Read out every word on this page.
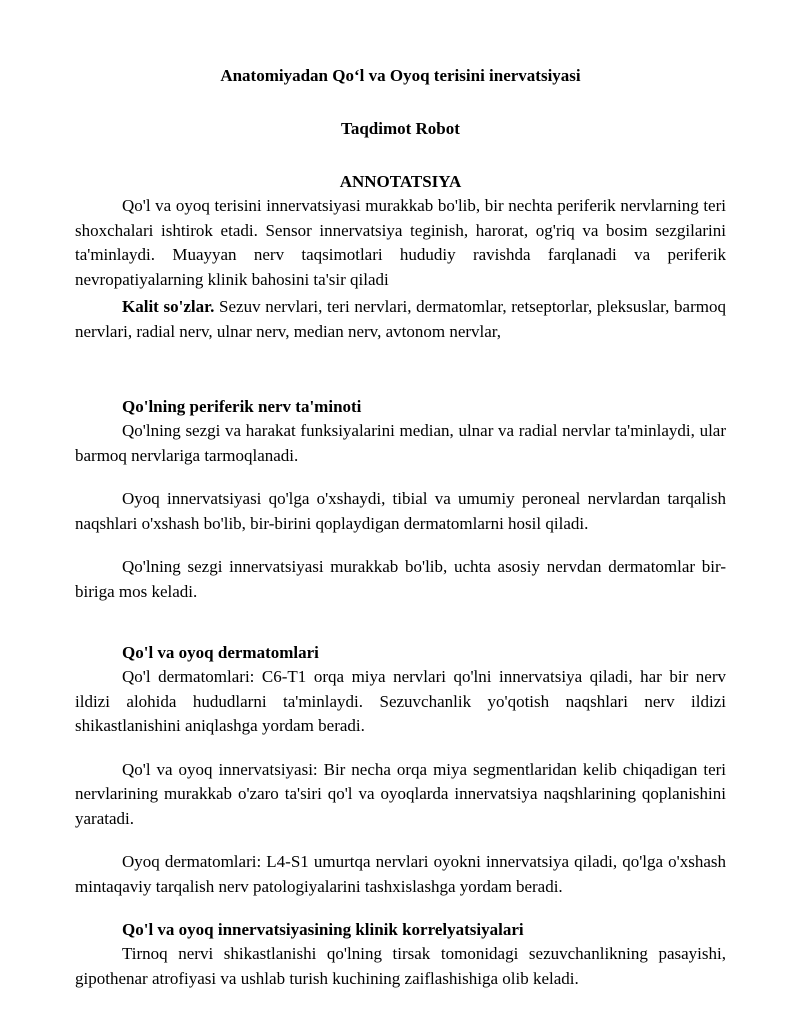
Anatomiyadan Qo‘l va Oyoq terisini inervatsiyasi
Taqdimot Robot
ANNOTATSIYA

Qo'l va oyoq terisini innervatsiyasi murakkab bo'lib, bir nechta periferik nervlarning teri shoxchalari ishtirok etadi. Sensor innervatsiya teginish, harorat, og'riq va bosim sezgilarini ta'minlaydi. Muayyan nerv taqsimotlari hududiy ravishda farqlanadi va periferik nevropatiyalarning klinik bahosini ta'sir qiladi

Kalit so'zlar. Sezuv nervlari, teri nervlari, dermatomlar, retseptorlar, pleksuslar, barmoq nervlari, radial nerv, ulnar nerv, median nerv, avtonom nervlar,

Qo'lning periferik nerv ta'minoti

Qo'lning sezgi va harakat funksiyalarini median, ulnar va radial nervlar ta'minlaydi, ular barmoq nervlariga tarmoqlanadi.

Oyoq innervatsiyasi qo'lga o'xshaydi, tibial va umumiy peroneal nervlardan tarqalish naqshlari o'xshash bo'lib, bir-birini qoplaydigan dermatomlarni hosil qiladi.

Qo'lning sezgi innervatsiyasi murakkab bo'lib, uchta asosiy nervdan dermatomlar bir-biriga mos keladi.

Qo'l va oyoq dermatomlari

Qo'l dermatomlari: C6-T1 orqa miya nervlari qo'lni innervatsiya qiladi, har bir nerv ildizi alohida hududlarni ta'minlaydi. Sezuvchanlik yo'qotish naqshlari nerv ildizi shikastlanishini aniqlashga yordam beradi.

Qo'l va oyoq innervatsiyasi: Bir necha orqa miya segmentlaridan kelib chiqadigan teri nervlarining murakkab o'zaro ta'siri qo'l va oyoqlarda innervatsiya naqshlarining qoplanishini yaratadi.

Oyoq dermatomlari: L4-S1 umurtqa nervlari oyokni innervatsiya qiladi, qo'lga o'xshash mintaqaviy tarqalish nerv patologiyalarini tashxislashga yordam beradi.

Qo'l va oyoq innervatsiyasining klinik korrelyatsiyalari

Tirnoq nervi shikastlanishi qo'lning tirsak tomonidagi sezuvchanlikning pasayishi, gipothenar atrofiyasi va ushlab turish kuchining zaiflashishiga olib keladi.
